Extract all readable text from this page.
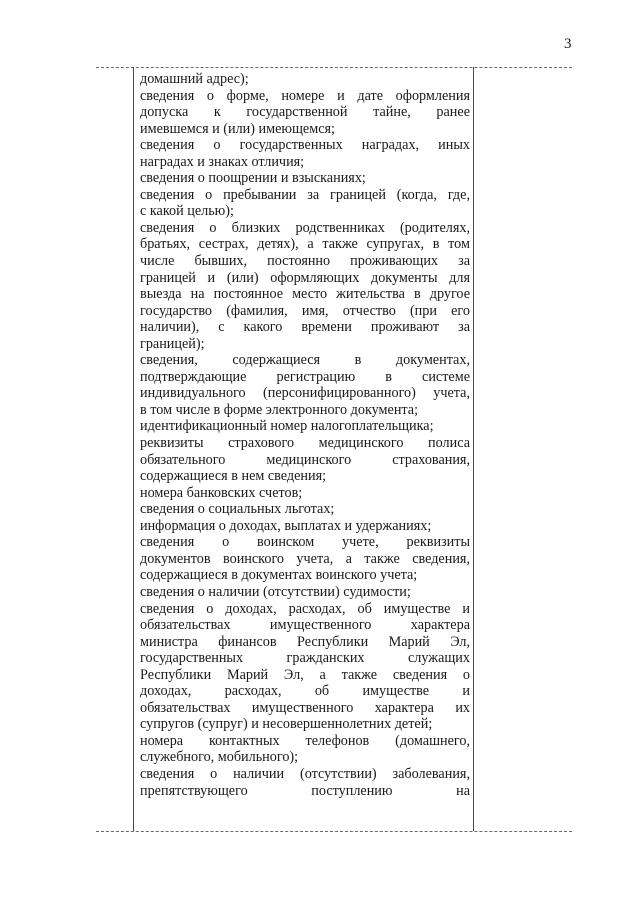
3
домашний адрес);
сведения о форме, номере и дате оформления
допуска к государственной тайне, ранее
имевшемся и (или) имеющемся;
сведения о государственных наградах, иных
наградах и знаках отличия;
сведения о поощрении и взысканиях;
сведения о пребывании за границей (когда, где,
с какой целью);
сведения о близких родственниках (родителях,
братьях, сестрах, детях), а также супругах, в том
числе бывших, постоянно проживающих за
границей и (или) оформляющих документы для
выезда на постоянное место жительства в другое
государство (фамилия, имя, отчество (при его
наличии), с какого времени проживают за
границей);
сведения, содержащиеся в документах,
подтверждающие регистрацию в системе
индивидуального (персонифицированного) учета,
в том числе в форме электронного документа;
идентификационный номер налогоплательщика;
реквизиты страхового медицинского полиса
обязательного медицинского страхования,
содержащиеся в нем сведения;
номера банковских счетов;
сведения о социальных льготах;
информация о доходах, выплатах и удержаниях;
сведения о воинском учете, реквизиты
документов воинского учета, а также сведения,
содержащиеся в документах воинского учета;
сведения о наличии (отсутствии) судимости;
сведения о доходах, расходах, об имуществе и
обязательствах имущественного характера
министра финансов Республики Марий Эл,
государственных гражданских служащих
Республики Марий Эл, а также сведения о
доходах, расходах, об имуществе и
обязательствах имущественного характера их
супругов (супруг) и несовершеннолетних детей;
номера контактных телефонов (домашнего,
служебного, мобильного);
сведения о наличии (отсутствии) заболевания,
препятствующего поступлению на
